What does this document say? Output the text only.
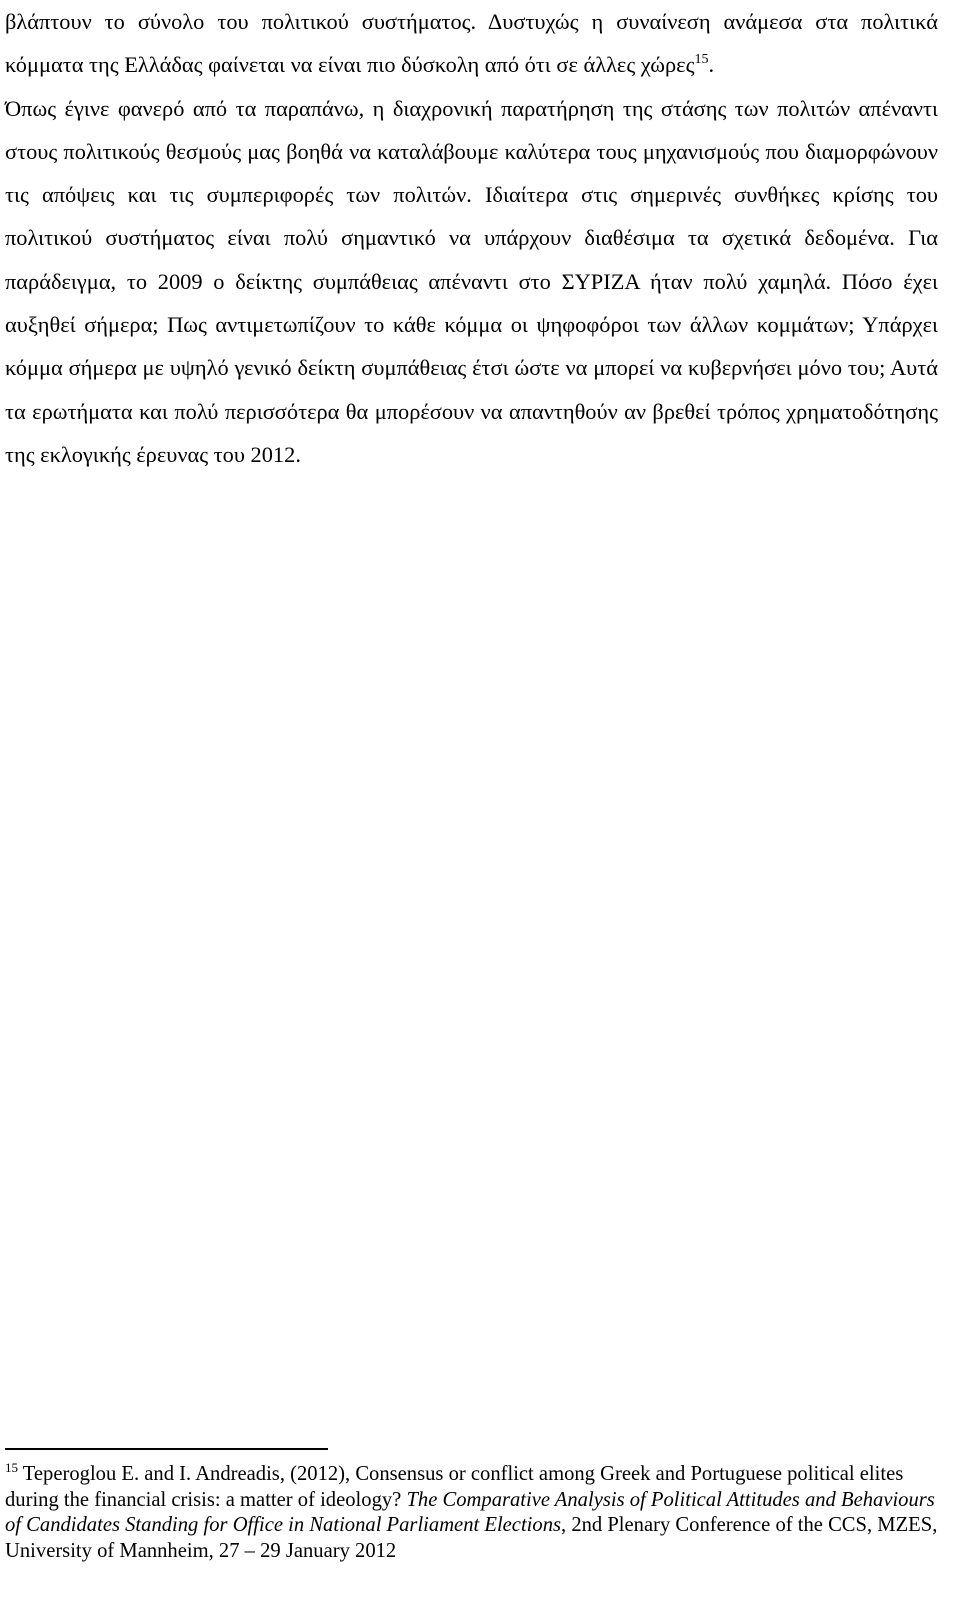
βλάπτουν το σύνολο του πολιτικού συστήματος. Δυστυχώς η συναίνεση ανάμεσα στα πολιτικά κόμματα της Ελλάδας φαίνεται να είναι πιο δύσκολη από ότι σε άλλες χώρες$^{15}$.

Όπως έγινε φανερό από τα παραπάνω, η διαχρονική παρατήρηση της στάσης των πολιτών απέναντι στους πολιτικούς θεσμούς μας βοηθά να καταλάβουμε καλύτερα τους μηχανισμούς που διαμορφώνουν τις απόψεις και τις συμπεριφορές των πολιτών. Ιδιαίτερα στις σημερινές συνθήκες κρίσης του πολιτικού συστήματος είναι πολύ σημαντικό να υπάρχουν διαθέσιμα τα σχετικά δεδομένα. Για παράδειγμα, το 2009 ο δείκτης συμπάθειας απέναντι στο ΣΥΡΙΖΑ ήταν πολύ χαμηλά. Πόσο έχει αυξηθεί σήμερα; Πως αντιμετωπίζουν το κάθε κόμμα οι ψηφοφόροι των άλλων κομμάτων; Υπάρχει κόμμα σήμερα με υψηλό γενικό δείκτη συμπάθειας έτσι ώστε να μπορεί να κυβερνήσει μόνο του; Αυτά τα ερωτήματα και πολύ περισσότερα θα μπορέσουν να απαντηθούν αν βρεθεί τρόπος χρηματοδότησης της εκλογικής έρευνας του 2012.

$^{15}$ Teperoglou E. and I. Andreadis, (2012), Consensus or conflict among Greek and Portuguese political elites during the financial crisis: a matter of ideology? The Comparative Analysis of Political Attitudes and Behaviours of Candidates Standing for Office in National Parliament Elections, 2nd Plenary Conference of the CCS, MZES, University of Mannheim, 27 – 29 January 2012
